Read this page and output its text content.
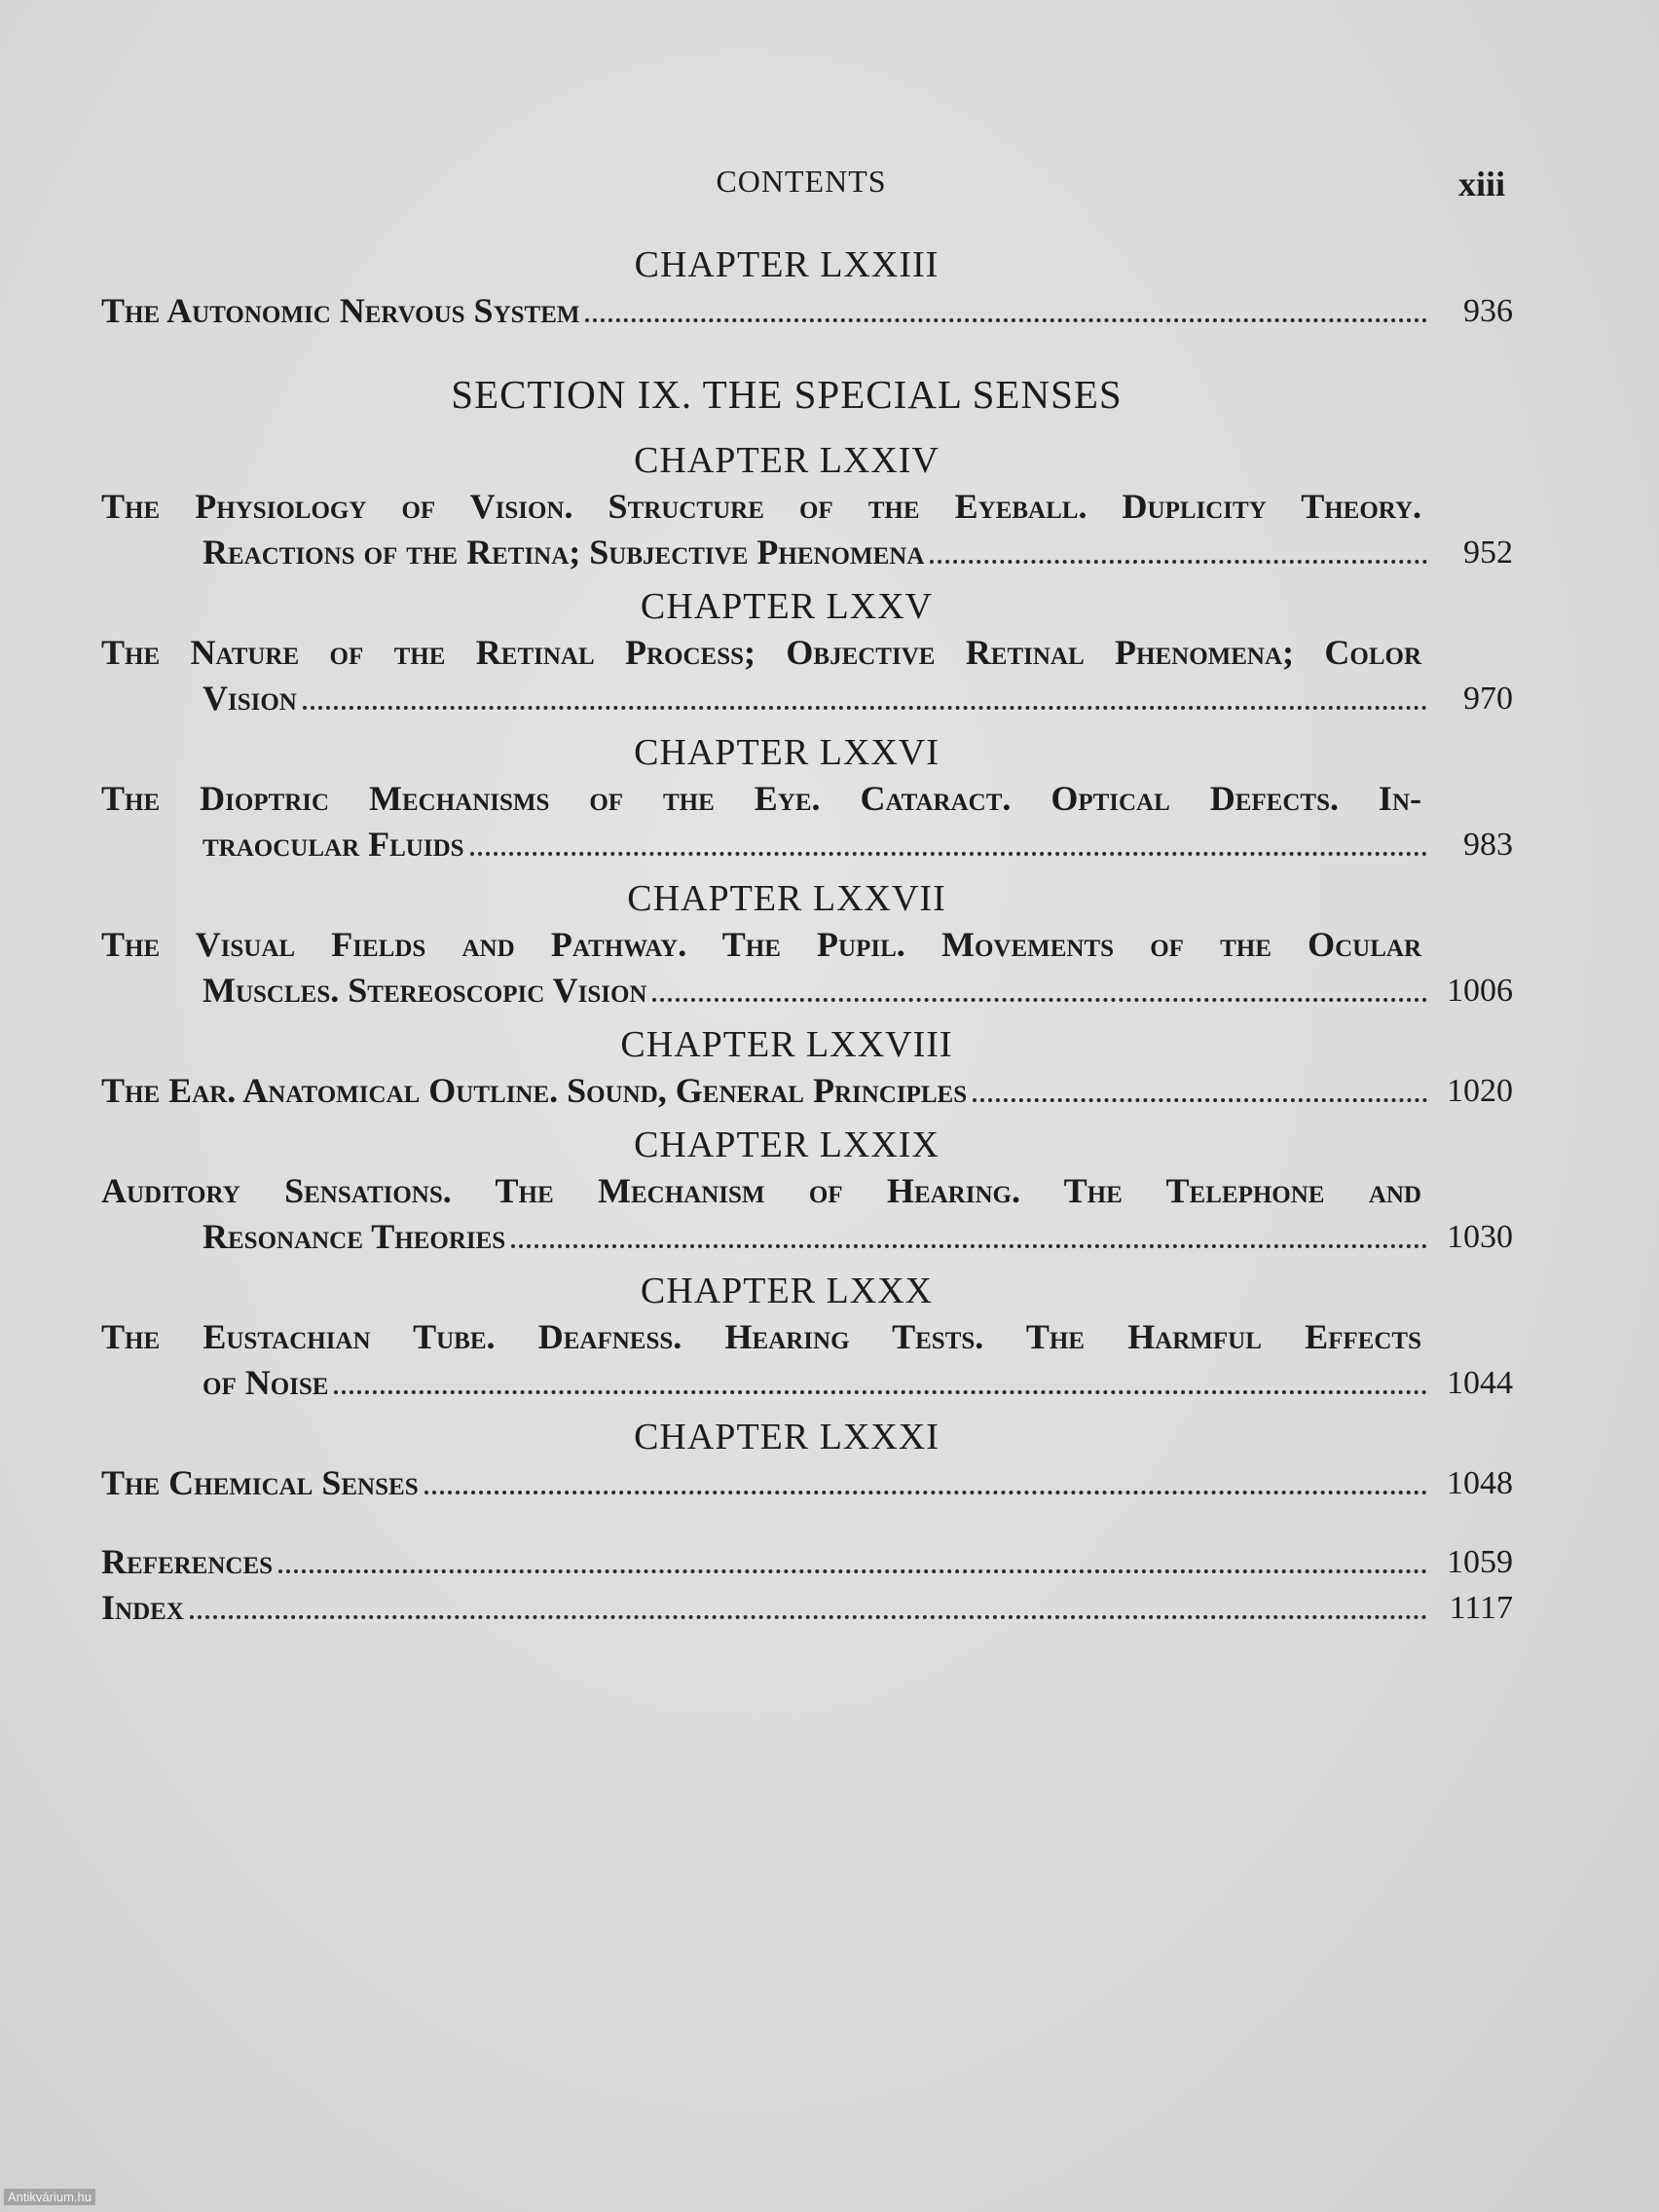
CONTENTS	xiii
CHAPTER LXXIII
The Autonomic Nervous System	936
SECTION IX. THE SPECIAL SENSES
CHAPTER LXXIV
The Physiology of Vision. Structure of the Eyeball. Duplicity Theory.
Reactions of the Retina; Subjective Phenomena	952
CHAPTER LXXV
The Nature of the Retinal Process; Objective Retinal Phenomena; Color
Vision	970
CHAPTER LXXVI
The Dioptric Mechanisms of the Eye. Cataract. Optical Defects. In-
traocular Fluids	983
CHAPTER LXXVII
The Visual Fields and Pathway. The Pupil. Movements of the Ocular
Muscles. Stereoscopic Vision	1006
CHAPTER LXXVIII
The Ear. Anatomical Outline. Sound, General Principles	1020
CHAPTER LXXIX
Auditory Sensations. The Mechanism of Hearing. The Telephone and
Resonance Theories	1030
CHAPTER LXXX
The Eustachian Tube. Deafness. Hearing Tests. The Harmful Effects
of Noise	1044
CHAPTER LXXXI
The Chemical Senses	1048
References	1059
Index	1117
Antikvárium.hu
